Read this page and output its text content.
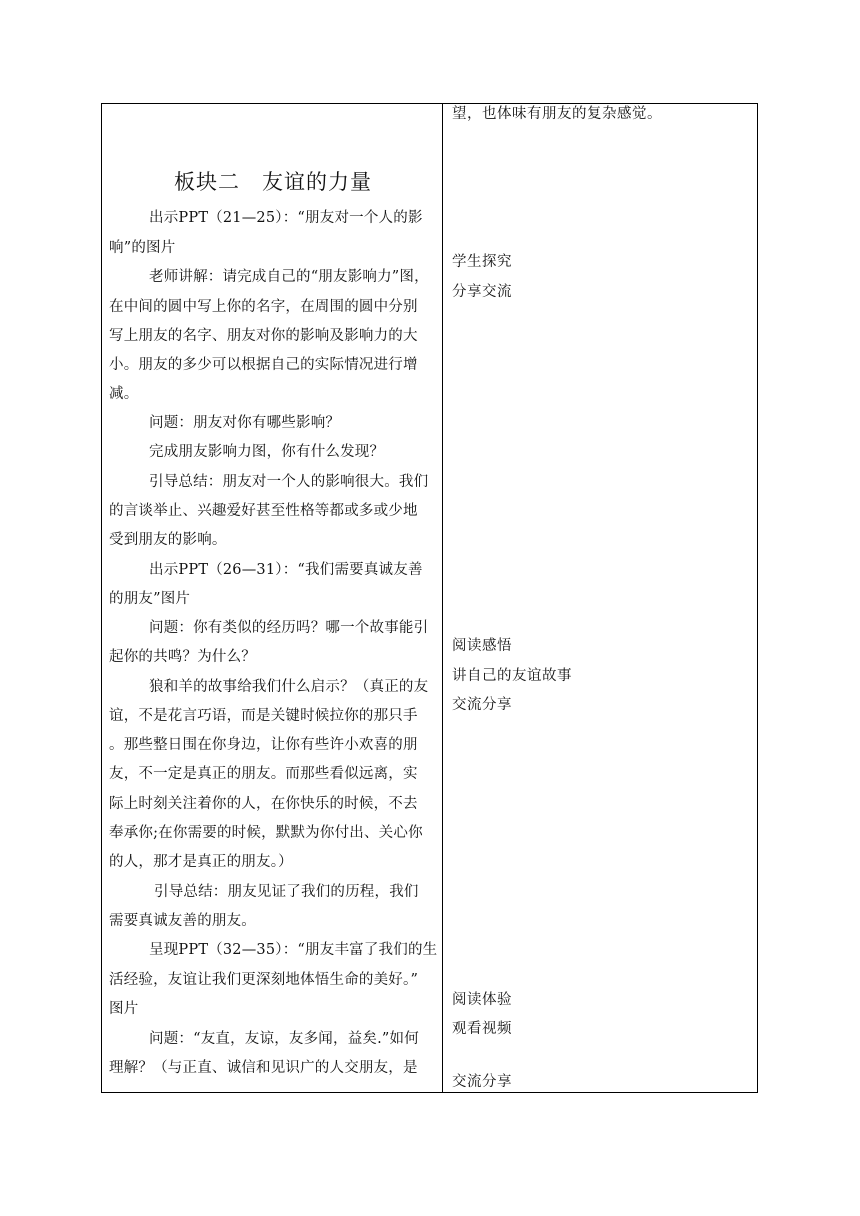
板块二　友谊的力量
出示PPT（21—25）：“朋友对一个人的影
响”的图片
老师讲解：请完成自己的“朋友影响力”图，
在中间的圆中写上你的名字，在周围的圆中分别
写上朋友的名字、朋友对你的影响及影响力的大
小。朋友的多少可以根据自己的实际情况进行增
减。
问题：朋友对你有哪些影响？
完成朋友影响力图，你有什么发现？
引导总结：朋友对一个人的影响很大。我们
的言谈举止、兴趣爱好甚至性格等都或多或少地
受到朋友的影响。
出示PPT（26—31）：“我们需要真诚友善
的朋友”图片
问题：你有类似的经历吗？哪一个故事能引
起你的共鸣？为什么？
狼和羊的故事给我们什么启示？（真正的友
谊，不是花言巧语，而是关键时候拉你的那只手
。那些整日围在你身边，让你有些许小欢喜的朋
友，不一定是真正的朋友。而那些看似远离，实
际上时刻关注着你的人，在你快乐的时候，不去
奉承你;在你需要的时候，默默为你付出、关心你
的人，那才是真正的朋友。）
引导总结：朋友见证了我们的历程，我们
需要真诚友善的朋友。
呈现PPT（32—35）：“朋友丰富了我们的生
活经验，友谊让我们更深刻地体悟生命的美好。”
图片
问题：“友直，友谅，友多闻，益矣.”如何
理解？（与正直、诚信和见识广的人交朋友，是
望，也体味有朋友的复杂感觉。
学生探究
分享交流
阅读感悟
讲自己的友谊故事
交流分享
阅读体验
观看视频
交流分享
